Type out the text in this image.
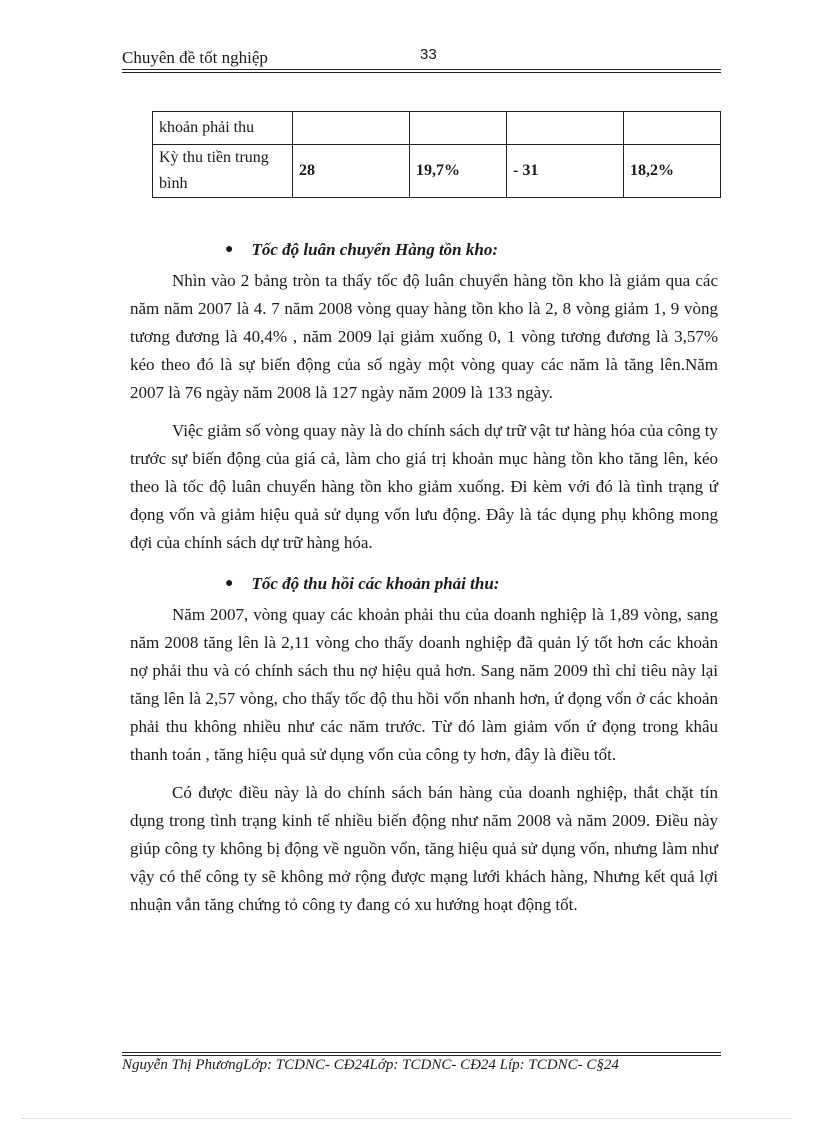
Chuyên đề tốt nghiệp	33
khoản phải thu				

Kỳ thu tiền trung bình	28	19,7%	- 31	18,2%

● Tốc độ luân chuyển Hàng tồn kho:

Nhìn vào 2 bảng tròn ta thấy tốc độ luân chuyển hàng tồn kho là giảm qua các năm năm 2007 là 4. 7 năm 2008 vòng quay hàng tồn kho là 2, 8 vòng giảm 1, 9 vòng tương đương là 40,4% , năm 2009 lại giảm xuống 0, 1 vòng tương đương là 3,57% kéo theo đó là sự biến động của số ngày một vòng quay các năm là tăng lên.Năm 2007 là 76 ngày năm 2008 là 127 ngày năm 2009 là 133 ngày.

Việc giảm số vòng quay này là do chính sách dự trữ vật tư hàng hóa của công ty trước sự biến động của giá cả, làm cho giá trị khoản mục hàng tồn kho tăng lên, kéo theo là tốc độ luân chuyển hàng tồn kho giảm xuống. Đi kèm với đó là tình trạng ứ đọng vốn và giảm hiệu quả sử dụng vốn lưu động. Đây là tác dụng phụ không mong đợi của chính sách dự trữ hàng hóa.

● Tốc độ thu hồi các khoản phải thu:

Năm 2007, vòng quay các khoản phải thu của doanh nghiệp là 1,89 vòng, sang năm 2008 tăng lên là 2,11 vòng cho thấy doanh nghiệp đã quản lý tốt hơn các khoản nợ phải thu và có chính sách thu nợ hiệu quả hơn. Sang năm 2009 thì chỉ tiêu này lại tăng lên là 2,57 vòng, cho thấy tốc độ thu hồi vốn nhanh hơn, ứ đọng vốn ở các khoản phải thu không nhiều như các năm trước. Từ đó làm giảm vốn ứ đọng trong khâu thanh toán , tăng hiệu quả sử dụng vốn của công ty hơn, đây là điều tốt.

Có được điều này là do chính sách bán hàng của doanh nghiệp, thắt chặt tín dụng trong tình trạng kinh tế nhiều biến động như năm 2008 và năm 2009. Điều này giúp công ty không bị động về nguồn vốn, tăng hiệu quả sử dụng vốn, nhưng làm như vậy có thể công ty sẽ không mở rộng được mạng lưới khách hàng, Nhưng kết quả lợi nhuận vẫn tăng chứng tỏ công ty đang có xu hướng hoạt động tốt.

Nguyễn Thị PhươngLớp: TCDNC- CĐ24Lớp: TCDNC- CĐ24 Líp: TCDNC- C§24
